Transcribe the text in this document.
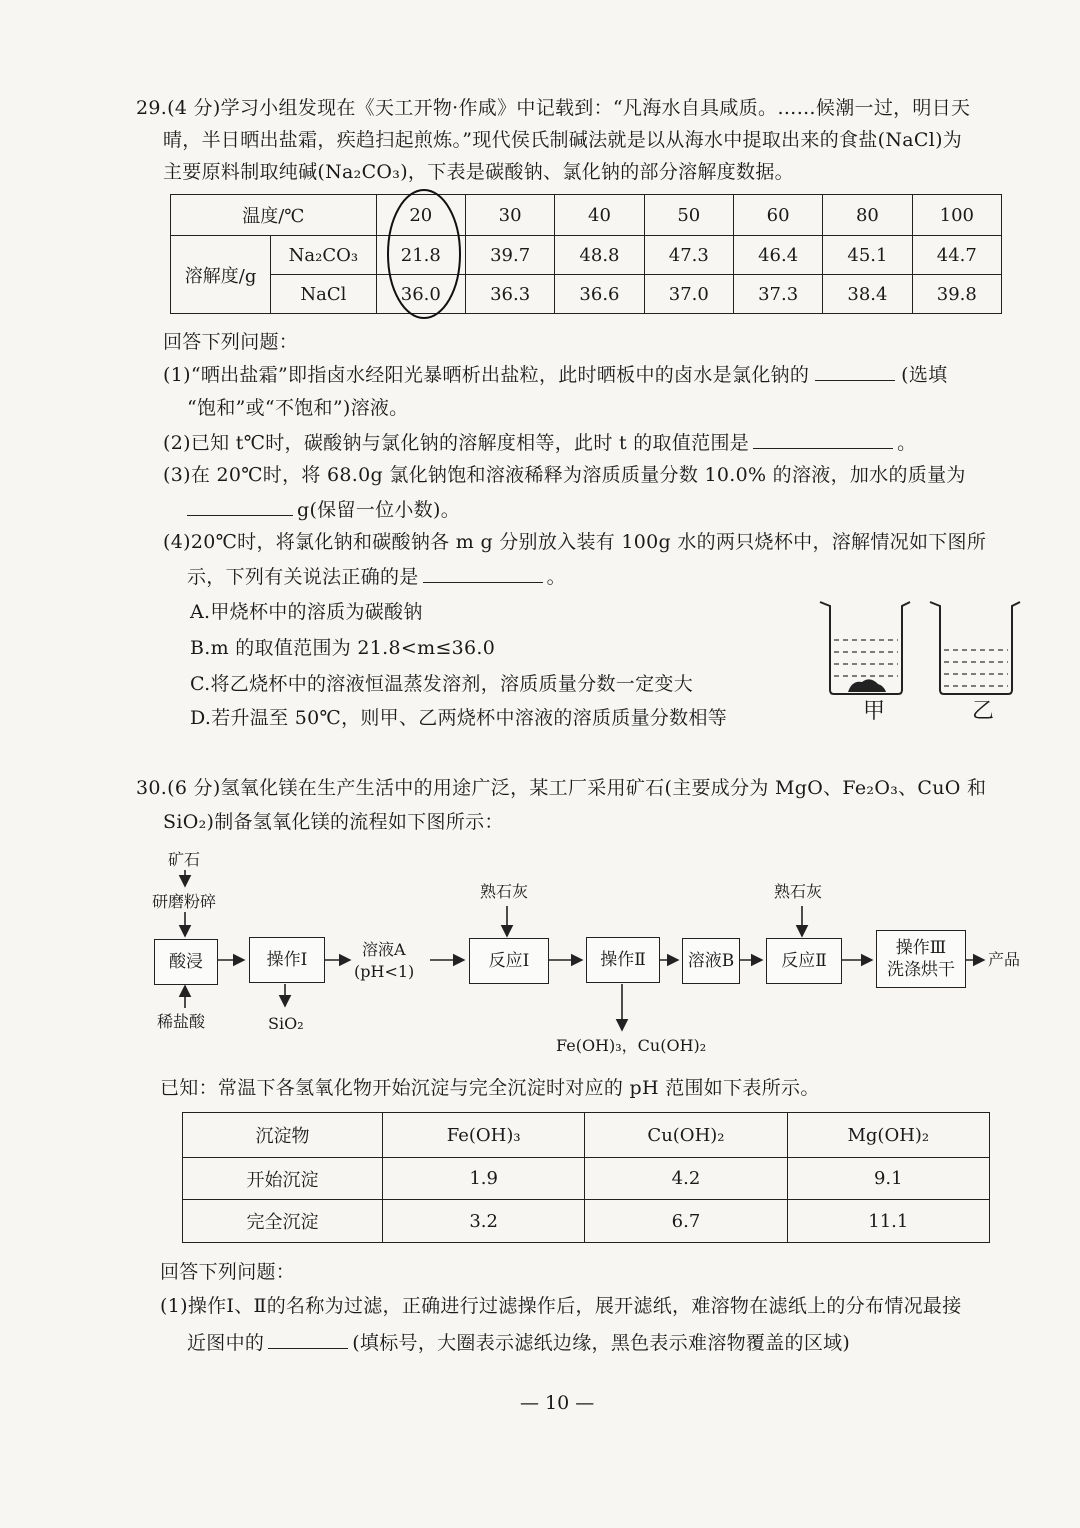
29.(4 分)学习小组发现在《天工开物·作咸》中记载到：“凡海水自具咸质。……候潮一过，明日天
晴，半日晒出盐霜，疾趋扫起煎炼。”现代侯氏制碱法就是以从海水中提取出来的食盐(NaCl)为
主要原料制取纯碱(Na₂CO₃)，下表是碳酸钠、氯化钠的部分溶解度数据。
温度/℃		20	30	40	50	60	80	100
溶解度/g	Na₂CO₃	21.8	39.7	48.8	47.3	46.4	45.1	44.7
	NaCl	36.0	36.3	36.6	37.0	37.3	38.4	39.8
回答下列问题：
(1)“晒出盐霜”即指卤水经阳光暴晒析出盐粒，此时晒板中的卤水是氯化钠的	(选填
“饱和”或“不饱和”)溶液。
(2)已知 t℃时，碳酸钠与氯化钠的溶解度相等，此时 t 的取值范围是	。
(3)在 20℃时，将 68.0g 氯化钠饱和溶液稀释为溶质质量分数 10.0% 的溶液，加水的质量为
g(保留一位小数)。
(4)20℃时，将氯化钠和碳酸钠各 m g 分别放入装有 100g 水的两只烧杯中，溶解情况如下图所
示，下列有关说法正确的是	。
A.甲烧杯中的溶质为碳酸钠
B.m 的取值范围为 21.8<m≤36.0
C.将乙烧杯中的溶液恒温蒸发溶剂，溶质质量分数一定变大
D.若升温至 50℃，则甲、乙两烧杯中溶液的溶质质量分数相等	甲	乙
30.(6 分)氢氧化镁在生产生活中的用途广泛，某工厂采用矿石(主要成分为 MgO、Fe₂O₃、CuO 和
SiO₂)制备氢氧化镁的流程如下图所示：
矿石
研磨粉碎
酸浸
稀盐酸
操作Ⅰ
SiO₂
溶液A
(pH<1)
熟石灰
反应Ⅰ	操作Ⅱ
Fe(OH)₃，Cu(OH)₂
溶液B
熟石灰
反应Ⅱ
操作Ⅲ
洗涤烘干
产品
已知：常温下各氢氧化物开始沉淀与完全沉淀时对应的 pH 范围如下表所示。
沉淀物	Fe(OH)₃	Cu(OH)₂	Mg(OH)₂
开始沉淀	1.9	4.2	9.1
完全沉淀	3.2	6.7	11.1
回答下列问题：
(1)操作Ⅰ、Ⅱ的名称为过滤，正确进行过滤操作后，展开滤纸，难溶物在滤纸上的分布情况最接
近图中的	(填标号，大圈表示滤纸边缘，黑色表示难溶物覆盖的区域)
— 10 —
